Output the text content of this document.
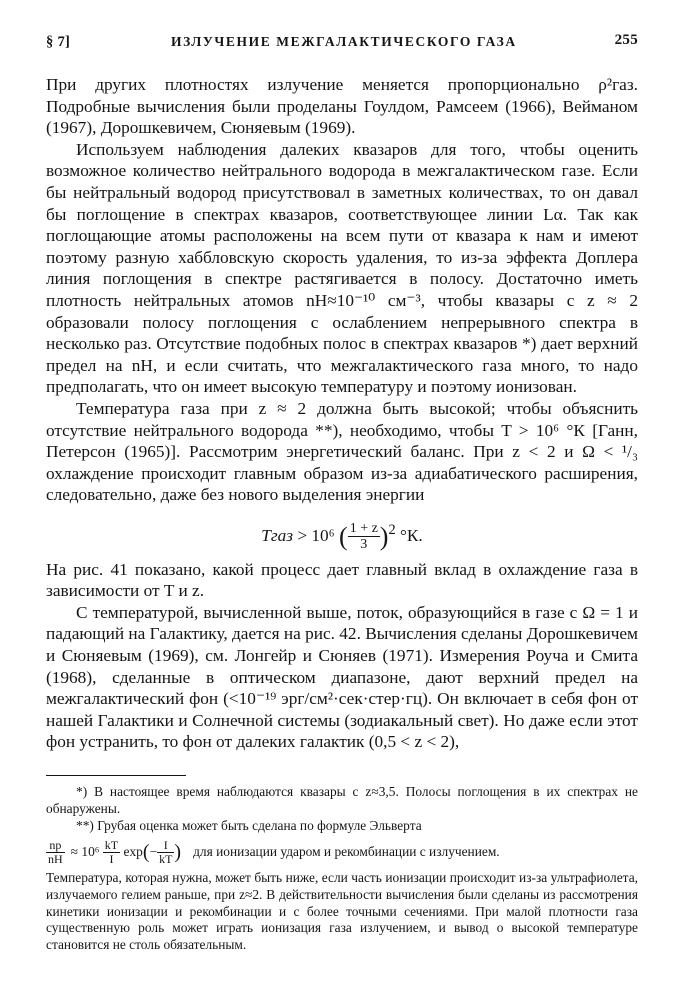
§ 7]	ИЗЛУЧЕНИЕ МЕЖГАЛАКТИЧЕСКОГО ГАЗА	255

При других плотностях излучение меняется пропорционально ρ²газ. Подробные вычисления были проделаны Гоулдом, Рамсеем (1966), Вейманом (1967), Дорошкевичем, Сюняевым (1969).

Используем наблюдения далеких квазаров для того, чтобы оценить возможное количество нейтрального водорода в межгалактическом газе. Если бы нейтральный водород присутствовал в заметных количествах, то он давал бы поглощение в спектрах квазаров, соответствующее линии Lα. Так как поглощающие атомы расположены на всем пути от квазара к нам и имеют поэтому разную хаббловскую скорость удаления, то из-за эффекта Доплера линия поглощения в спектре растягивается в полосу. Достаточно иметь плотность нейтральных атомов nH≈10⁻¹⁰ см⁻³, чтобы квазары с z ≈ 2 образовали полосу поглощения с ослаблением непрерывного спектра в несколько раз. Отсутствие подобных полос в спектрах квазаров *) дает верхний предел на nH, и если считать, что межгалактического газа много, то надо предполагать, что он имеет высокую температуру и поэтому ионизован.

Температура газа при z ≈ 2 должна быть высокой; чтобы объяснить отсутствие нейтрального водорода **), необходимо, чтобы T > 10⁶ °К [Ганн, Петерсон (1965)]. Рассмотрим энергетический баланс. При z < 2 и Ω < ¹/₃ охлаждение происходит главным образом из-за адиабатического расширения, следовательно, даже без нового выделения энергии

Tгаз > 10⁶ ( $\frac{1 + z}{3} )^2$ °К.

На рис. 41 показано, какой процесс дает главный вклад в охлаждение газа в зависимости от T и z.

С температурой, вычисленной выше, поток, образующийся в газе с Ω = 1 и падающий на Галактику, дается на рис. 42. Вычисления сделаны Дорошкевичем и Сюняевым (1969), см. Лонгейр и Сюняев (1971). Измерения Роуча и Смита (1968), сделанные в оптическом диапазоне, дают верхний предел на межгалактический фон (<10⁻¹⁹ эрг/см²·сек·стер·гц). Он включает в себя фон от нашей Галактики и Солнечной системы (зодиакальный свет). Но даже если этот фон устранить, то фон от далеких галактик (0,5 < z < 2),

*) В настоящее время наблюдаются квазары с z≈3,5. Полосы поглощения в их спектрах не обнаружены.

**) Грубая оценка может быть сделана по формуле Эльверта

$\frac{np}{nH} \approx 10^6$
$\frac{kT}{I}$
exp ( − $\frac{I}{kT}$ ) для ионизации ударом и рекомбинации с излучением.

Температура, которая нужна, может быть ниже, если часть ионизации происходит из-за ультрафиолета, излучаемого гелием раньше, при z≈2. В действительности вычисления были сделаны из рассмотрения кинетики ионизации и рекомбинации и с более точными сечениями. При малой плотности газа существенную роль может играть ионизация газа излучением, и вывод о высокой температуре становится не столь обязательным.
